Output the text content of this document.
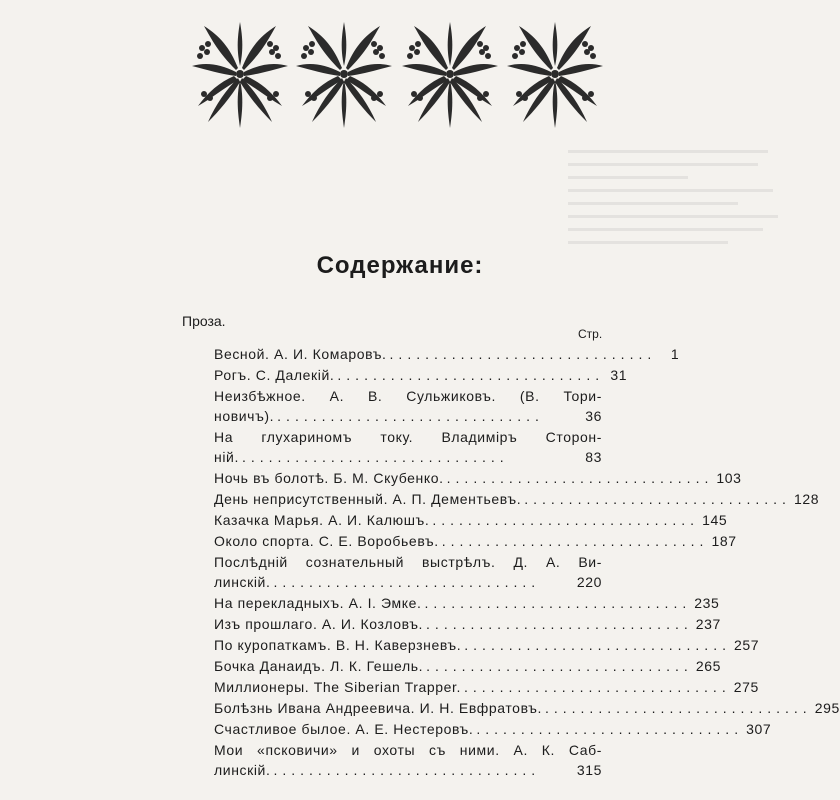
Содержание:
Проза.
Стр.
Весной. А. И. Комаровъ. ..............................	1
Рогъ. С. Далекій. .............................. 31
Неизбѣжное. А. В. Сульжиковъ. (В. Тори-
новичъ). ..............................	36
На глухариномъ току. Владиміръ Сторон-
ній. ..............................	83
Ночь въ болотѣ. Б. М. Скубенко. .............................. 103
День неприсутственный. А. П. Дементьевъ. .............................. 128
Казачка Марья. А. И. Калюшъ. .............................. 145
Около спорта. С. Е. Воробьевъ. .............................. 187
Послѣдній сознательный выстрѣлъ. Д. А. Ви-
линскій. ..............................	220
На перекладныхъ. А. І. Эмке. .............................. 235
Изъ прошлаго. А. И. Козловъ. .............................. 237
По куропаткамъ. В. Н. Каверзневъ. .............................. 257
Бочка Данаидъ. Л. К. Гешель. .............................. 265
Миллионеры. The Siberian Trapper. .............................. 275
Болѣзнь Ивана Андреевича. И. Н. Евфратовъ. .............................. 295
Счастливое былое. А. Е. Нестеровъ. .............................. 307
Мои «псковичи» и охоты съ ними. А. К. Саб-
линскій. ..............................	315
